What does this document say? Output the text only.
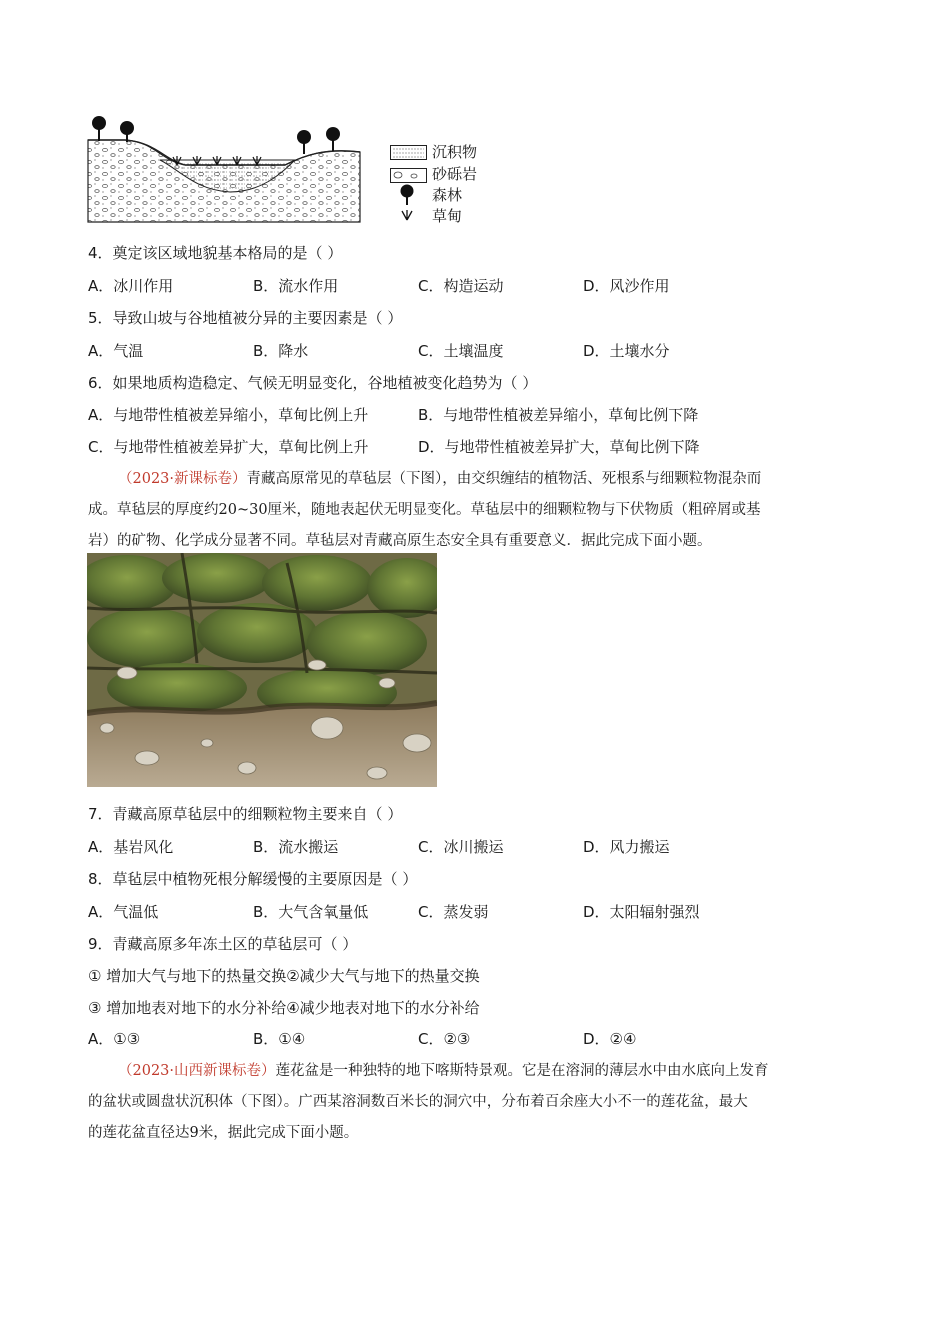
沉积物
砂砾岩
森林
草甸
4．奠定该区域地貌基本格局的是（ ）
A．冰川作用	B．流水作用	C．构造运动	D．风沙作用
5．导致山坡与谷地植被分异的主要因素是（ ）
A．气温	B．降水	C．土壤温度	D．土壤水分
6．如果地质构造稳定、气候无明显变化，谷地植被变化趋势为（ ）
A．与地带性植被差异缩小，草甸比例上升	B．与地带性植被差异缩小，草甸比例下降
C．与地带性植被差异扩大，草甸比例上升	D．与地带性植被差异扩大，草甸比例下降
（2023·新课标卷）青藏高原常见的草毡层（下图），由交织缠结的植物活、死根系与细颗粒物混杂而
成。草毡层的厚度约20~30厘米，随地表起伏无明显变化。草毡层中的细颗粒物与下伏物质（粗碎屑或基
岩）的矿物、化学成分显著不同。草毡层对青藏高原生态安全具有重要意义．据此完成下面小题。
7．青藏高原草毡层中的细颗粒物主要来自（ ）
A．基岩风化	B．流水搬运	C．冰川搬运	D．风力搬运
8．草毡层中植物死根分解缓慢的主要原因是（ ）
A．气温低	B．大气含氧量低	C．蒸发弱	D．太阳辐射强烈
9．青藏高原多年冻土区的草毡层可（ ）
① 增加大气与地下的热量交换②减少大气与地下的热量交换
③ 增加地表对地下的水分补给④减少地表对地下的水分补给
A．①③	B．①④	C．②③	D．②④
（2023·山西新课标卷）莲花盆是一种独特的地下喀斯特景观。它是在溶洞的薄层水中由水底向上发育
的盆状或圆盘状沉积体（下图）。广西某溶洞数百米长的洞穴中，分布着百余座大小不一的莲花盆，最大
的莲花盆直径达9米，据此完成下面小题。
